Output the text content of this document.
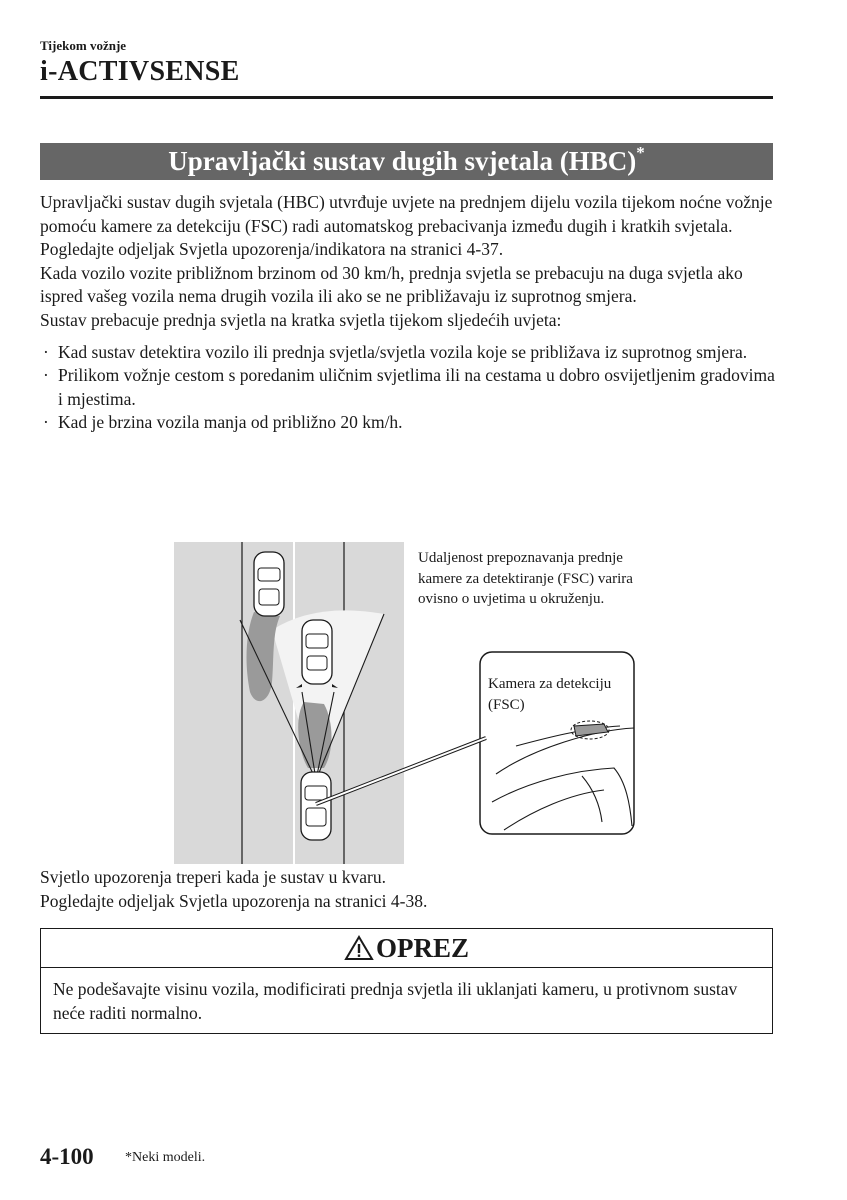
Tijekom vožnje
i-ACTIVSENSE
Upravljački sustav dugih svjetala (HBC)*

Upravljački sustav dugih svjetala (HBC) utvrđuje uvjete na prednjem dijelu vozila tijekom noćne vožnje pomoću kamere za detekciju (FSC) radi automatskog prebacivanja između dugih i kratkih svjetala.

Pogledajte odjeljak Svjetla upozorenja/indikatora na stranici 4-37.

Kada vozilo vozite približnom brzinom od 30 km/h, prednja svjetla se prebacuju na duga svjetla ako ispred vašeg vozila nema drugih vozila ili ako se ne približavaju iz suprotnog smjera.

Sustav prebacuje prednja svjetla na kratka svjetla tijekom sljedećih uvjeta:

· Kad sustav detektira vozilo ili prednja svjetla/svjetla vozila koje se približava iz suprotnog smjera.
· Prilikom vožnje cestom s poredanim uličnim svjetlima ili na cestama u dobro osvijetljenim gradovima i mjestima.
· Kad je brzina vozila manja od približno 20 km/h.
Udaljenost prepoznavanja prednje kamere za detektiranje (FSC) varira ovisno o uvjetima u okruženju.
Kamera za detekciju (FSC)

Svjetlo upozorenja treperi kada je sustav u kvaru.

Pogledajte odjeljak Svjetla upozorenja na stranici 4-38.

OPREZ
Ne podešavajte visinu vozila, modificirati prednja svjetla ili uklanjati kameru, u protivnom sustav neće raditi normalno.
4-100 *Neki modeli.
